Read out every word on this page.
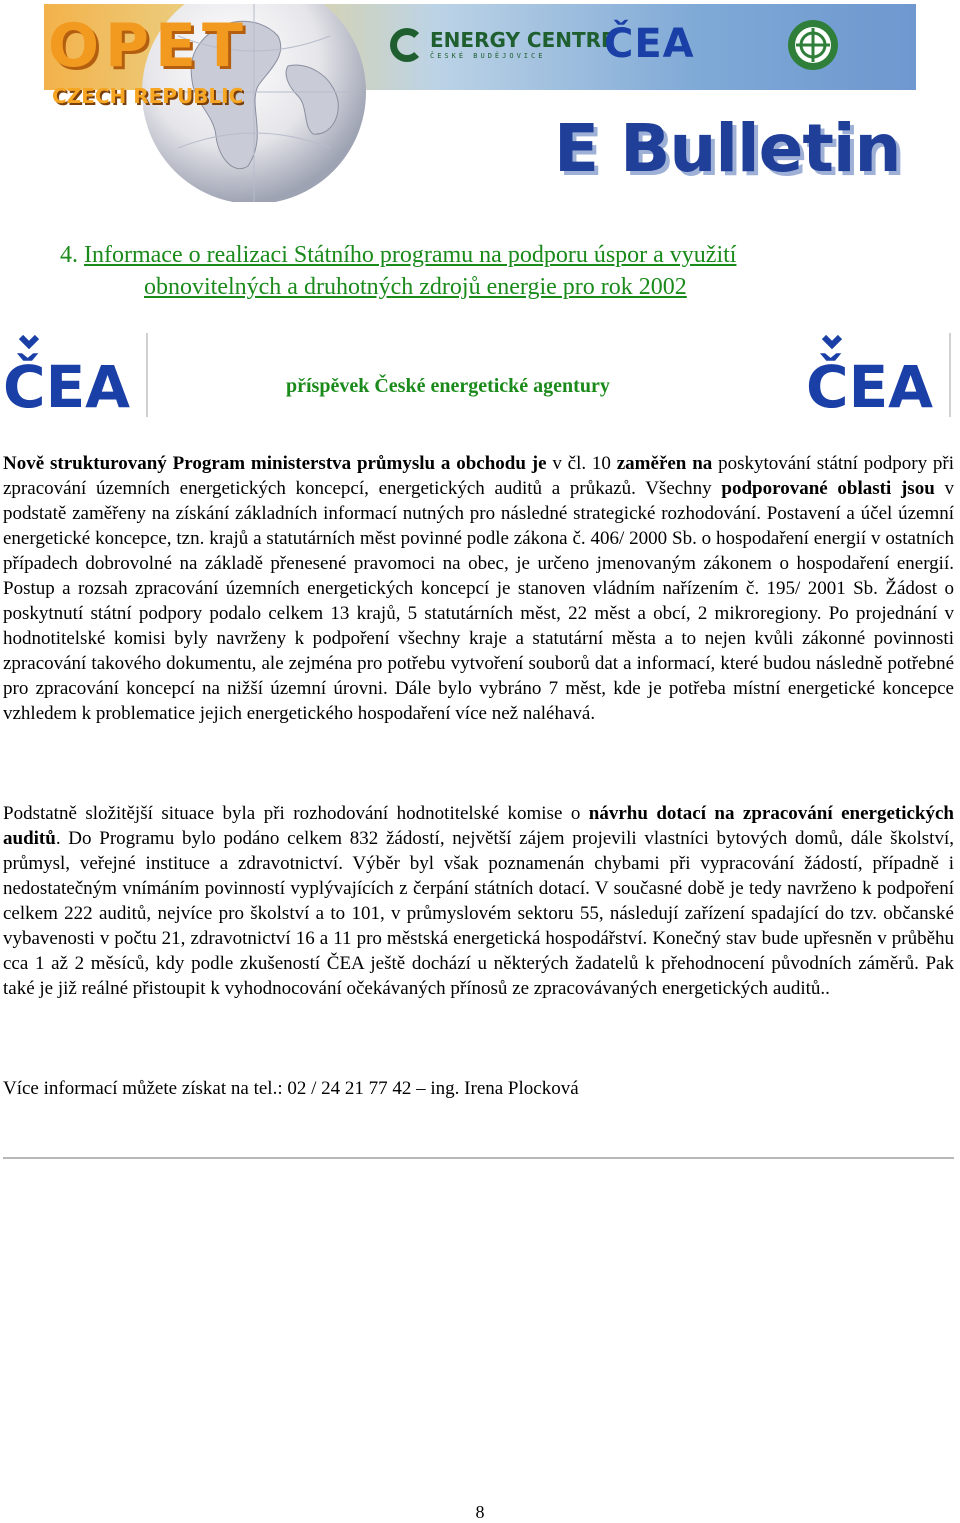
OPET
CZECH REPUBLIC
ENERGY CENTRE
ČESKÉ BUDĚJOVICE	ČEA
E Bulletin
4. Informace o realizaci Státního programu na podporu úspor a využití
obnovitelných a druhotných zdrojů energie pro rok 2002
ČEA	příspěvek České energetické agentury	ČEA
Nově strukturovaný Program ministerstva průmyslu a obchodu je v čl. 10 zaměřen na poskytování státní podpory při zpracování územních energetických koncepcí, energetických auditů a průkazů. Všechny podporované oblasti jsou v podstatě zaměřeny na získání základních informací nutných pro následné strategické rozhodování. Postavení a účel územní energetické koncepce, tzn. krajů a statutárních měst povinné podle zákona č. 406/ 2000 Sb. o hospodaření energií v ostatních případech dobrovolné na základě přenesené pravomoci na obec, je určeno jmenovaným zákonem o hospodaření energií. Postup a rozsah zpracování územních energetických koncepcí je stanoven vládním nařízením č. 195/ 2001 Sb. Žádost o poskytnutí státní podpory podalo celkem 13 krajů, 5 statutárních měst, 22 měst a obcí, 2 mikroregiony. Po projednání v hodnotitelské komisi byly navrženy k podpoření všechny kraje a statutární města a to nejen kvůli zákonné povinnosti zpracování takového dokumentu, ale zejména pro potřebu vytvoření souborů dat a informací, které budou následně potřebné pro zpracování koncepcí na nižší územní úrovni. Dále bylo vybráno 7 měst, kde je potřeba místní energetické koncepce vzhledem k problematice jejich energetického hospodaření více než naléhavá.
Podstatně složitější situace byla při rozhodování hodnotitelské komise o návrhu dotací na zpracování energetických auditů. Do Programu bylo podáno celkem 832 žádostí, největší zájem projevili vlastníci bytových domů, dále školství, průmysl, veřejné instituce a zdravotnictví. Výběr byl však poznamenán chybami při vypracování žádostí, případně i nedostatečným vnímáním povinností vyplývajících z čerpání státních dotací. V současné době je tedy navrženo k podpoření celkem 222 auditů, nejvíce pro školství a to 101, v průmyslovém sektoru 55, následují zařízení spadající do tzv. občanské vybavenosti v počtu 21, zdravotnictví 16 a 11 pro městská energetická hospodářství. Konečný stav bude upřesněn v průběhu cca 1 až 2 měsíců, kdy podle zkušeností ČEA ještě dochází u některých žadatelů k přehodnocení původních záměrů. Pak také je již reálné přistoupit k vyhodnocování očekávaných přínosů ze zpracovávaných energetických auditů..
Více informací můžete získat na tel.: 02 / 24 21 77 42 – ing. Irena Plocková
8
